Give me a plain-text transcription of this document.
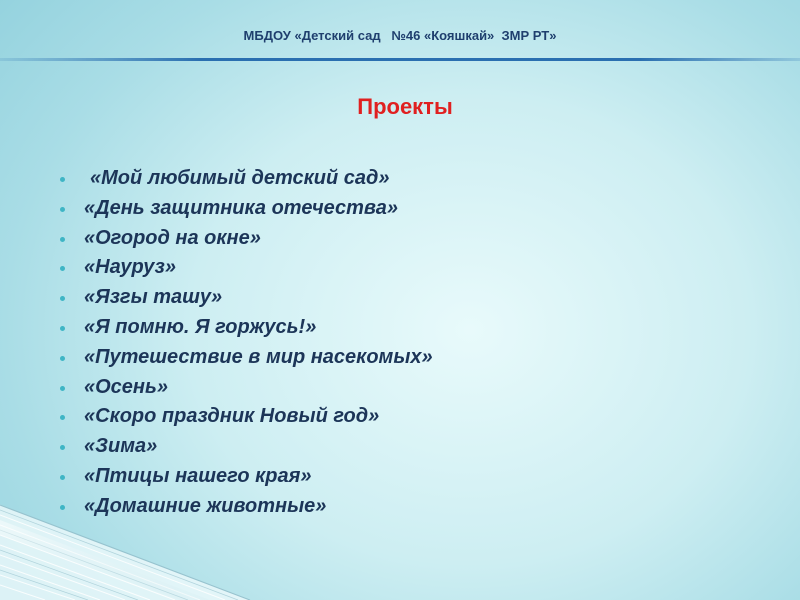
МБДОУ «Детский сад   №46 «Кояшкай»  ЗМР РТ»
Проекты
«Мой любимый детский сад»
«День защитника отечества»
«Огород на окне»
«Науруз»
«Язгы ташу»
«Я помню. Я горжусь!»
«Путешествие в мир насекомых»
«Осень»
«Скоро праздник Новый год»
«Зима»
«Птицы нашего края»
«Домашние животные»
